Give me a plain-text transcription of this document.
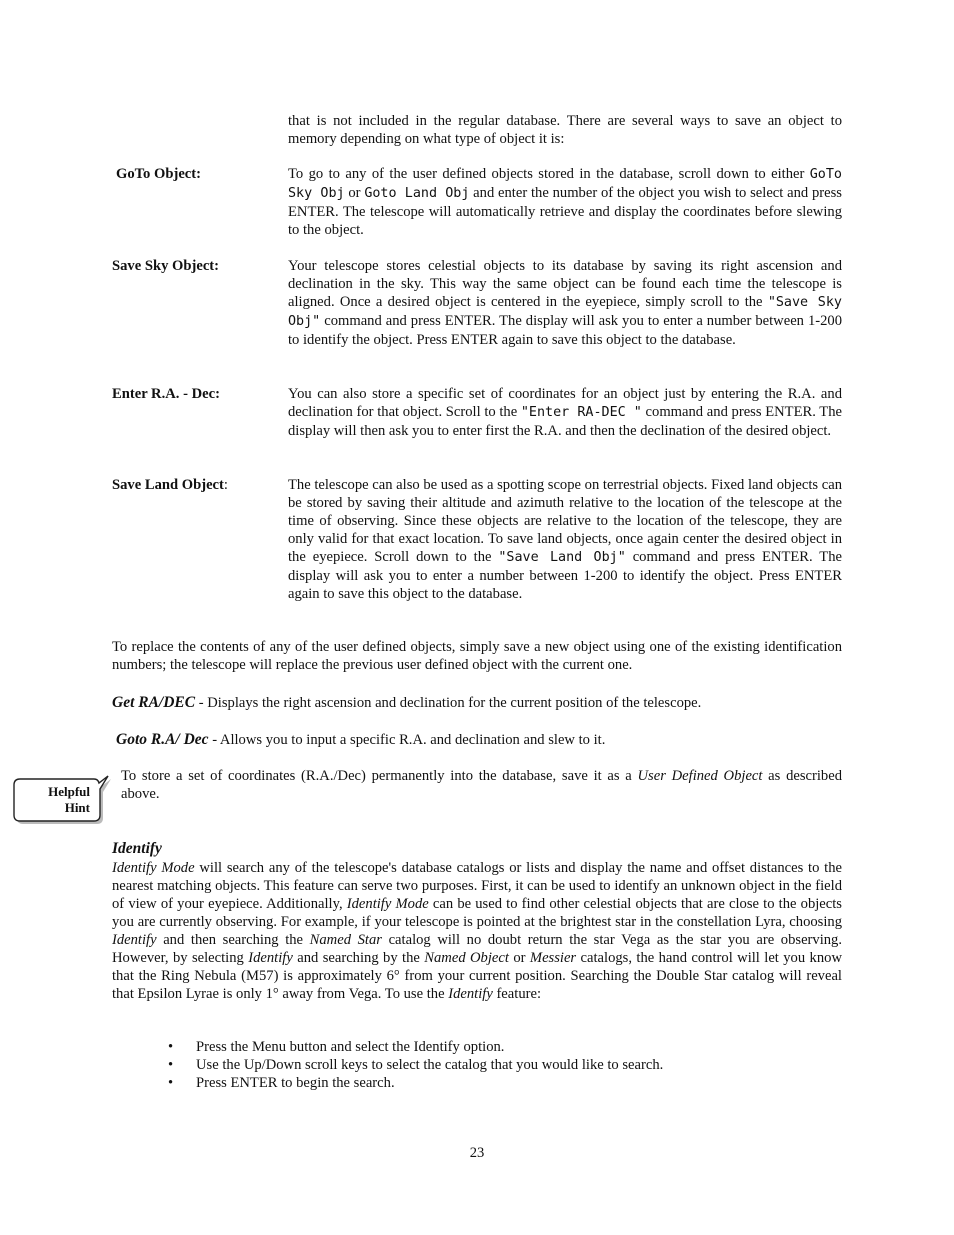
that is not included in the regular database. There are several ways to save an object to memory depending on what type of object it is:
GoTo Object:	To go to any of the user defined objects stored in the database, scroll down to either GoTo Sky Obj or Goto Land Obj and enter the number of the object you wish to select and press ENTER. The telescope will automatically retrieve and display the coordinates before slewing to the object.
Save Sky Object:	Your telescope stores celestial objects to its database by saving its right ascension and declination in the sky. This way the same object can be found each time the telescope is aligned. Once a desired object is centered in the eyepiece, simply scroll to the "Save Sky Obj" command and press ENTER. The display will ask you to enter a number between 1-200 to identify the object. Press ENTER again to save this object to the database.
Enter R.A. - Dec:	You can also store a specific set of coordinates for an object just by entering the R.A. and declination for that object. Scroll to the "Enter RA-DEC " command and press ENTER. The display will then ask you to enter first the R.A. and then the declination of the desired object.
Save Land Object:	The telescope can also be used as a spotting scope on terrestrial objects. Fixed land objects can be stored by saving their altitude and azimuth relative to the location of the telescope at the time of observing. Since these objects are relative to the location of the telescope, they are only valid for that exact location. To save land objects, once again center the desired object in the eyepiece. Scroll down to the "Save Land Obj" command and press ENTER. The display will ask you to enter a number between 1-200 to identify the object. Press ENTER again to save this object to the database.
To replace the contents of any of the user defined objects, simply save a new object using one of the existing identification numbers; the telescope will replace the previous user defined object with the current one.
Get RA/DEC - Displays the right ascension and declination for the current position of the telescope.
Goto R.A/ Dec - Allows you to input a specific R.A. and declination and slew to it.
Helpful
Hint
To store a set of coordinates (R.A./Dec) permanently into the database, save it as a User Defined Object as described above.
Identify
Identify Mode will search any of the telescope's database catalogs or lists and display the name and offset distances to the nearest matching objects. This feature can serve two purposes. First, it can be used to identify an unknown object in the field of view of your eyepiece. Additionally, Identify Mode can be used to find other celestial objects that are close to the objects you are currently observing. For example, if your telescope is pointed at the brightest star in the constellation Lyra, choosing Identify and then searching the Named Star catalog will no doubt return the star Vega as the star you are observing. However, by selecting Identify and searching by the Named Object or Messier catalogs, the hand control will let you know that the Ring Nebula (M57) is approximately 6° from your current position. Searching the Double Star catalog will reveal that Epsilon Lyrae is only 1° away from Vega. To use the Identify feature:
• Press the Menu button and select the Identify option.
• Use the Up/Down scroll keys to select the catalog that you would like to search.
• Press ENTER to begin the search.
23
